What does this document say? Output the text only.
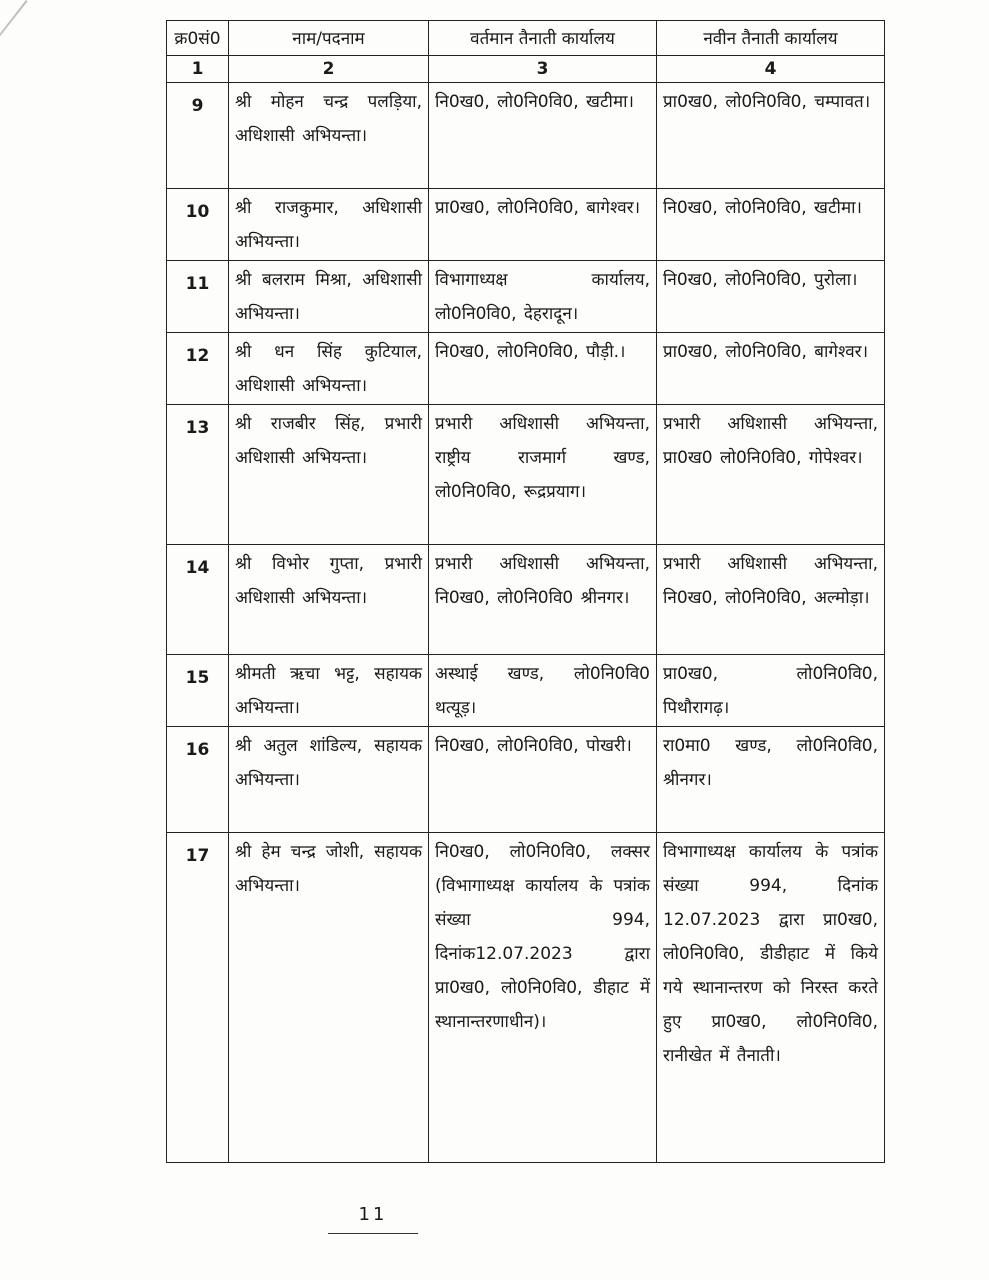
क्र0सं0	नाम/पदनाम	वर्तमान तैनाती कार्यालय	नवीन तैनाती कार्यालय
1	2	3	4
9	श्री मोहन चन्द्र पलड़िया, अधिशासी अभियन्ता।	नि0ख0, लो0नि0वि0, खटीमा।	प्रा0ख0, लो0नि0वि0, चम्पावत।
10	श्री राजकुमार, अधिशासी अभियन्ता।	प्रा0ख0, लो0नि0वि0, बागेश्वर।	नि0ख0, लो0नि0वि0, खटीमा।
11	श्री बलराम मिश्रा, अधिशासी अभियन्ता।	विभागाध्यक्ष कार्यालय, लो0नि0वि0, देहरादून।	नि0ख0, लो0नि0वि0, पुरोला।
12	श्री धन सिंह कुटियाल, अधिशासी अभियन्ता।	नि0ख0, लो0नि0वि0, पौड़ी.।	प्रा0ख0, लो0नि0वि0, बागेश्वर।
13	श्री राजबीर सिंह, प्रभारी अधिशासी अभियन्ता।	प्रभारी अधिशासी अभियन्ता, राष्ट्रीय राजमार्ग खण्ड, लो0नि0वि0, रूद्रप्रयाग।	प्रभारी अधिशासी अभियन्ता, प्रा0ख0 लो0नि0वि0, गोपेश्वर।
14	श्री विभोर गुप्ता, प्रभारी अधिशासी अभियन्ता।	प्रभारी अधिशासी अभियन्ता, नि0ख0, लो0नि0वि0 श्रीनगर।	प्रभारी अधिशासी अभियन्ता, नि0ख0, लो0नि0वि0, अल्मोड़ा।
15	श्रीमती ऋचा भट्ट, सहायक अभियन्ता।	अस्थाई खण्ड, लो0नि0वि0 थत्यूड़।	प्रा0ख0, लो0नि0वि0, पिथौरागढ़।
16	श्री अतुल शांडिल्य, सहायक अभियन्ता।	नि0ख0, लो0नि0वि0, पोखरी।	रा0मा0 खण्ड, लो0नि0वि0, श्रीनगर।
17	श्री हेम चन्द्र जोशी, सहायक अभियन्ता।	नि0ख0, लो0नि0वि0, लक्सर (विभागाध्यक्ष कार्यालय के पत्रांक संख्या 994, दिनांक12.07.2023 द्वारा प्रा0ख0, लो0नि0वि0, डीहाट में स्थानान्तरणाधीन)।	विभागाध्यक्ष कार्यालय के पत्रांक संख्या 994, दिनांक 12.07.2023 द्वारा प्रा0ख0, लो0नि0वि0, डीडीहाट में किये गये स्थानान्तरण को निरस्त करते हुए प्रा0ख0, लो0नि0वि0, रानीखेत में तैनाती।
11
